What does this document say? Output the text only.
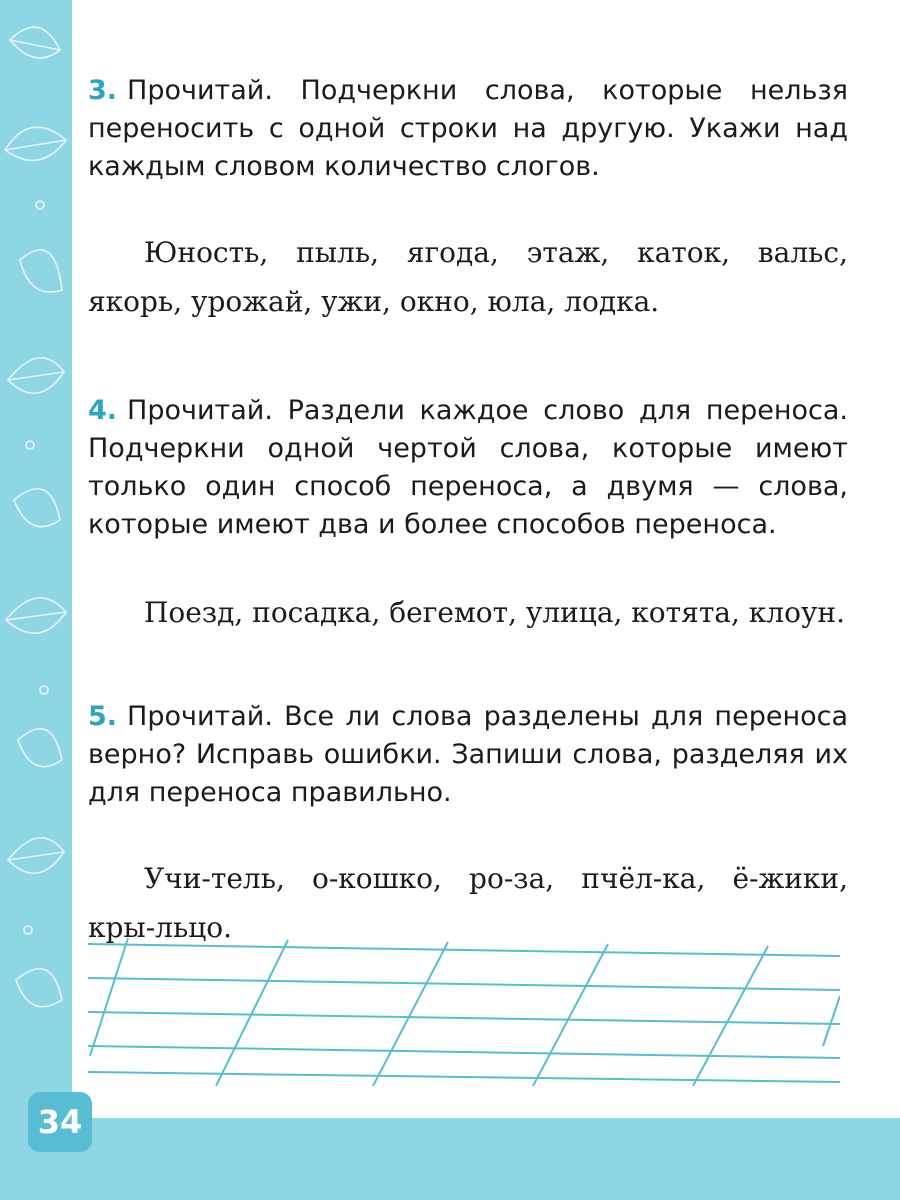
3. Прочитай. Подчеркни слова, которые нельзя переносить с одной строки на другую. Укажи над каждым словом количество слогов.
Юность, пыль, ягода, этаж, каток, вальс, якорь, урожай, ужи, окно, юла, лодка.
4. Прочитай. Раздели каждое слово для переноса. Подчеркни одной чертой слова, которые имеют только один способ переноса, а двумя — слова, которые имеют два и более способов переноса.
Поезд, посадка, бегемот, улица, котята, клоун.
5. Прочитай. Все ли слова разделены для переноса верно? Исправь ошибки. Запиши слова, разделяя их для переноса правильно.
Учи-тель, о-кошко, ро-за, пчёл-ка, ё-жики, кры-льцо.
34
